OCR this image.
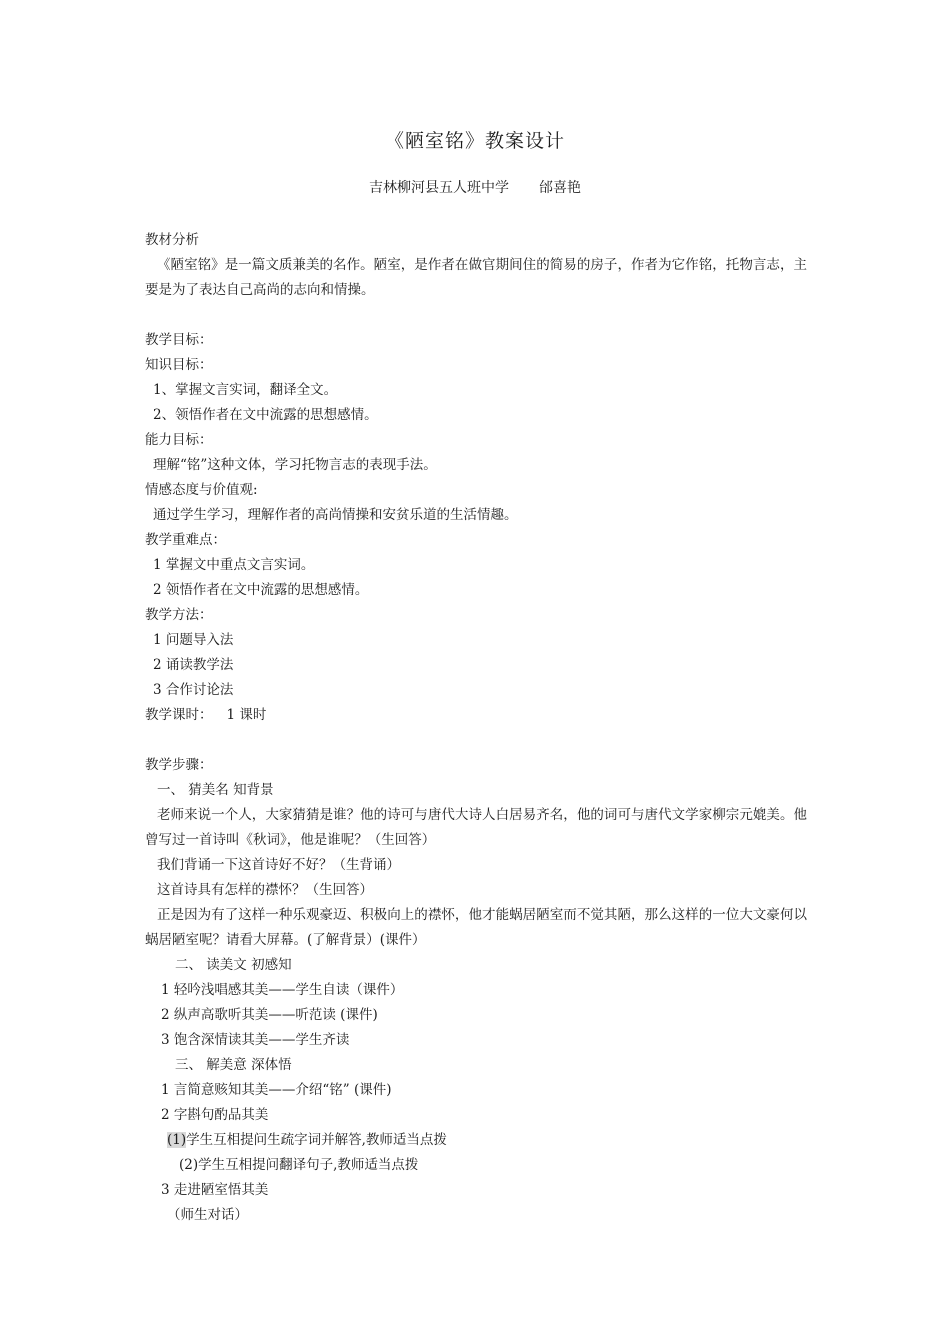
《陋室铭》教案设计
吉林柳河县五人班中学 邰喜艳
教材分析
《陋室铭》是一篇文质兼美的名作。陋室，是作者在做官期间住的简易的房子，作者为它作铭，托物言志，主要是为了表达自己高尚的志向和情操。
教学目标：
知识目标：
1、掌握文言实词，翻译全文。
2、领悟作者在文中流露的思想感情。
能力目标：
理解“铭”这种文体，学习托物言志的表现手法。
情感态度与价值观:
通过学生学习，理解作者的高尚情操和安贫乐道的生活情趣。
教学重难点：
1 掌握文中重点文言实词。
2 领悟作者在文中流露的思想感情。
教学方法：
1 问题导入法
2 诵读教学法
3 合作讨论法
教学课时： 1 课时
教学步骤：
一、 猜美名 知背景
老师来说一个人，大家猜猜是谁？他的诗可与唐代大诗人白居易齐名，他的词可与唐代文学家柳宗元媲美。他曾写过一首诗叫《秋词》，他是谁呢？（生回答）
我们背诵一下这首诗好不好？（生背诵）
这首诗具有怎样的襟怀？（生回答）
正是因为有了这样一种乐观豪迈、积极向上的襟怀，他才能蜗居陋室而不觉其陋，那么这样的一位大文豪何以蜗居陋室呢？请看大屏幕。(了解背景）(课件）
二、 读美文 初感知
1 轻吟浅唱感其美——学生自读（课件）
2 纵声高歌听其美——听范读 (课件)
3 饱含深情读其美——学生齐读
三、 解美意 深体悟
1 言简意赅知其美——介绍“铭” (课件)
2 字斟句酌品其美
(1)学生互相提问生疏字词并解答,教师适当点拨
(2)学生互相提问翻译句子,教师适当点拨
3 走进陋室悟其美
（师生对话）
